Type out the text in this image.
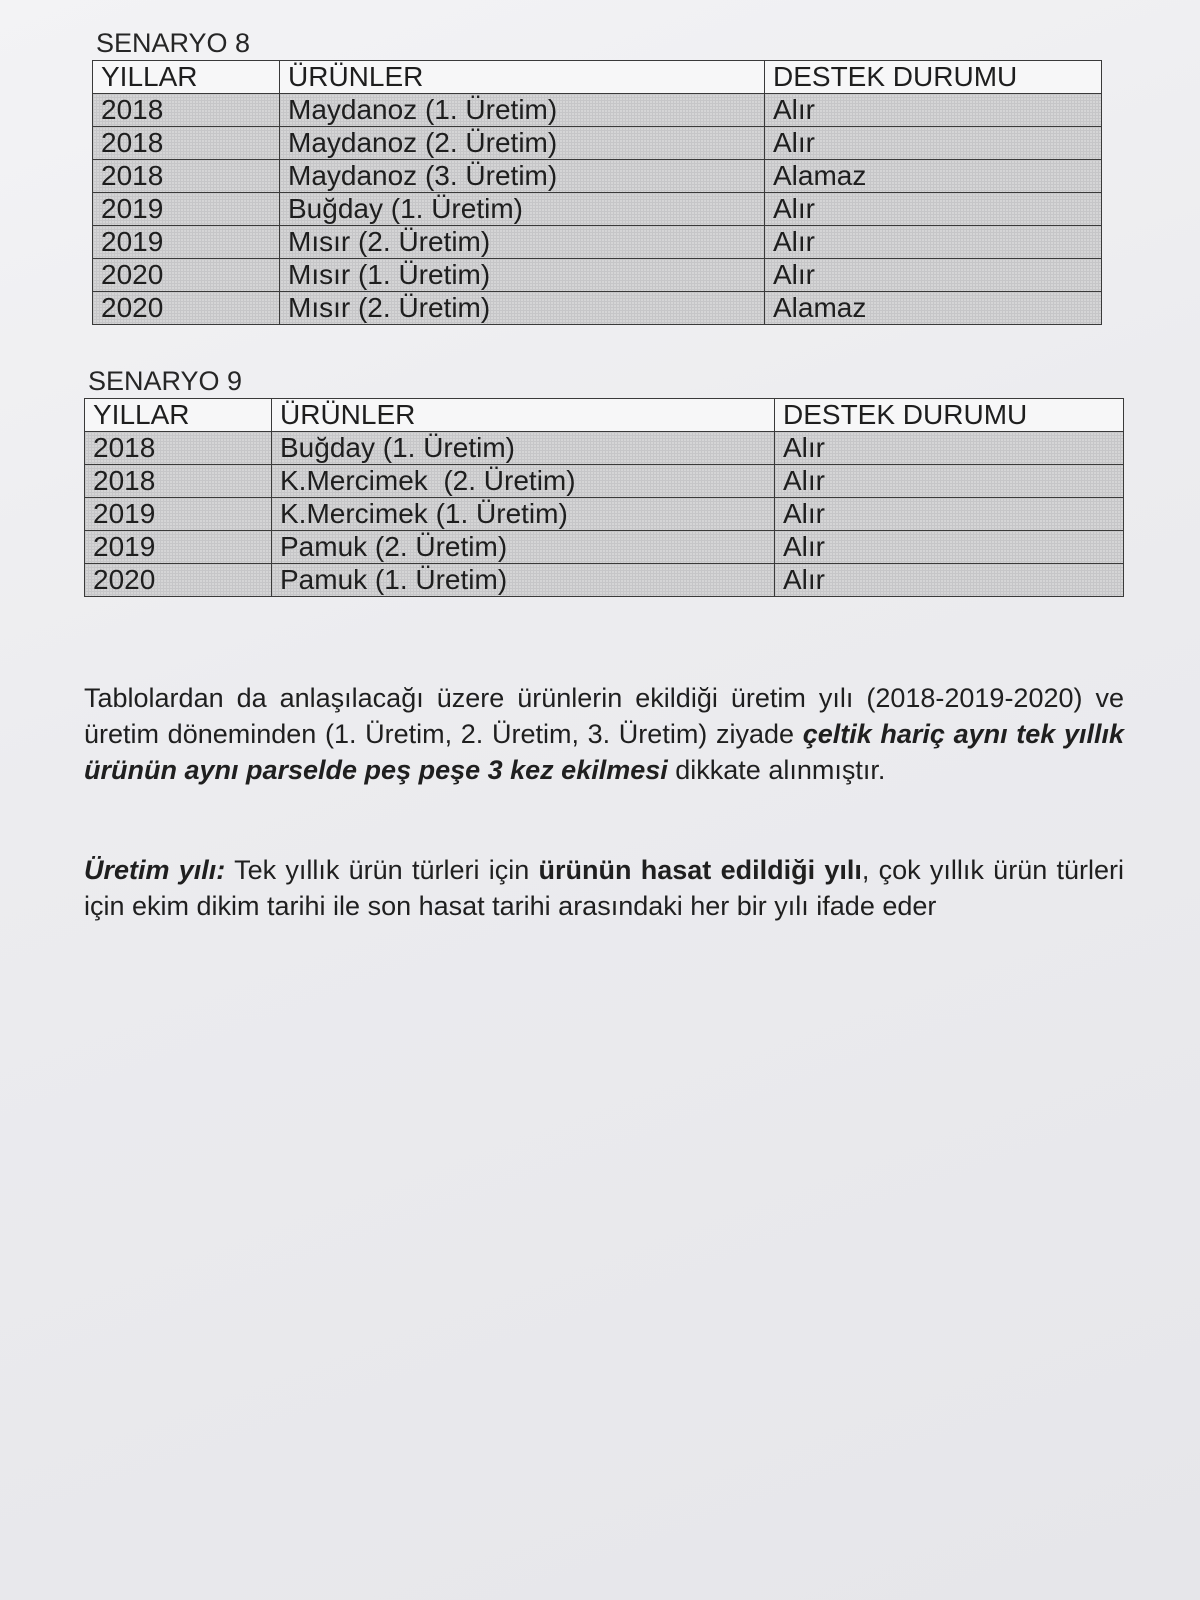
SENARYO 8
YILLAR	ÜRÜNLER	DESTEK DURUMU
2018	Maydanoz (1. Üretim)	Alır
2018	Maydanoz (2. Üretim)	Alır
2018	Maydanoz (3. Üretim)	Alamaz
2019	Buğday (1. Üretim)	Alır
2019	Mısır (2. Üretim)	Alır
2020	Mısır (1. Üretim)	Alır
2020	Mısır (2. Üretim)	Alamaz
SENARYO 9
YILLAR	ÜRÜNLER	DESTEK DURUMU
2018	Buğday (1. Üretim)	Alır
2018	K.Mercimek  (2. Üretim)	Alır
2019	K.Mercimek (1. Üretim)	Alır
2019	Pamuk (2. Üretim)	Alır
2020	Pamuk (1. Üretim)	Alır

Tablolardan da anlaşılacağı üzere ürünlerin ekildiği üretim yılı (2018-2019-2020) ve üretim döneminden (1. Üretim, 2. Üretim, 3. Üretim) ziyade çeltik hariç aynı tek yıllık ürünün aynı parselde peş peşe 3 kez ekilmesi dikkate alınmıştır.

Üretim yılı: Tek yıllık ürün türleri için ürünün hasat edildiği yılı, çok yıllık ürün türleri için ekim dikim tarihi ile son hasat tarihi arasındaki her bir yılı ifade eder
